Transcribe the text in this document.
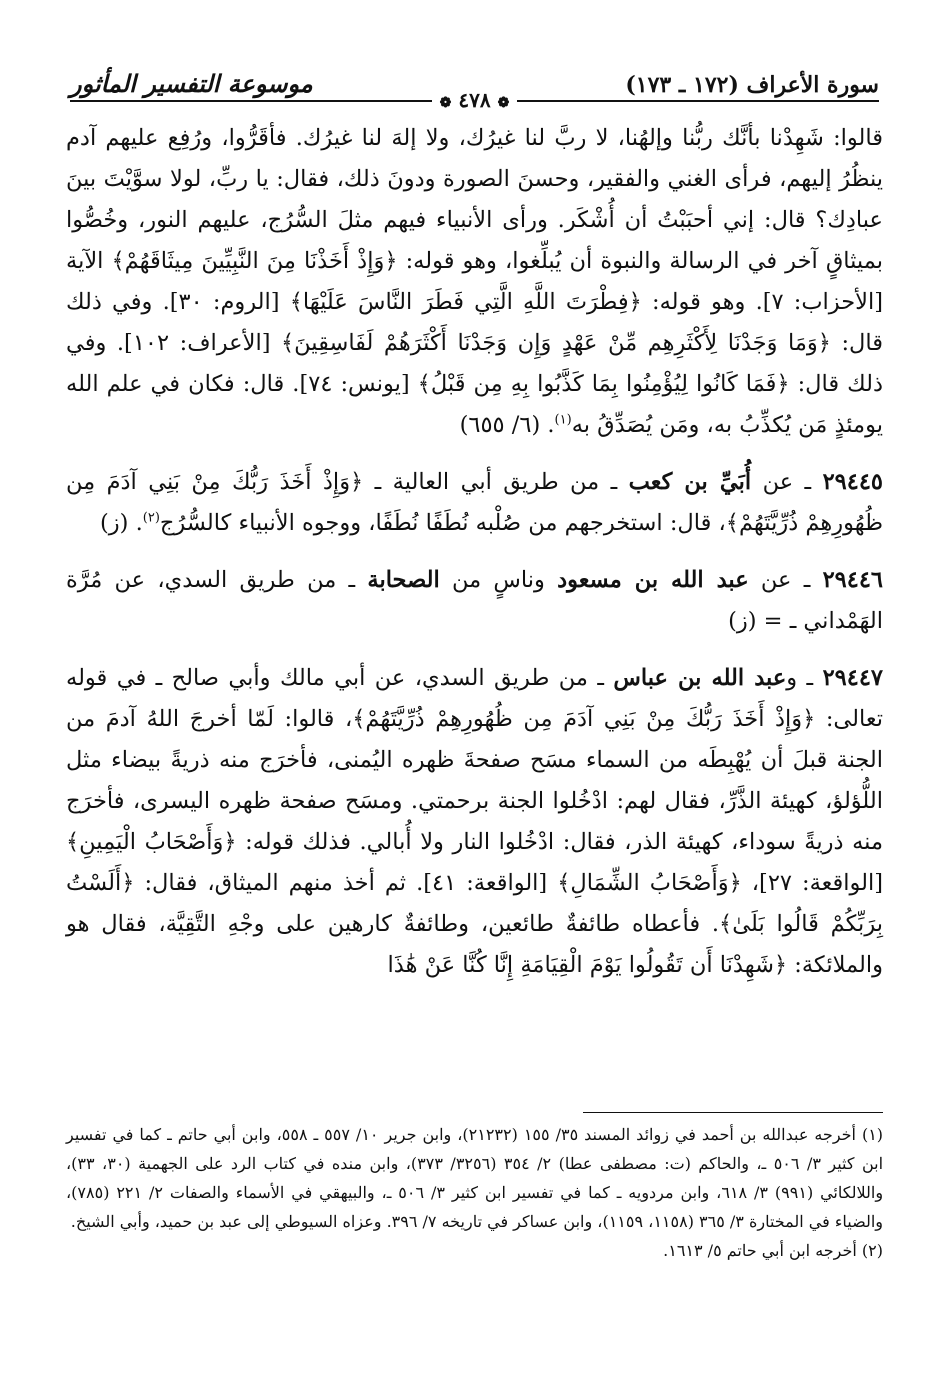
سورة الأعراف (١٧٢ ـ ١٧٣)
موسوعة التفسير المأثور
❁ ٤٧٨ ❁

قالوا: شَهِدْنا بأنَّك ربُّنا وإلهُنا، لا ربَّ لنا غيرُك، ولا إلهَ لنا غيرُك. فأقَرُّوا، ورُفِع عليهم آدم ينظُرُ إليهم، فرأى الغني والفقير، وحسنَ الصورة ودونَ ذلك، فقال: يا ربِّ، لولا سوَّيْتَ بينَ عبادِك؟ قال: إني أحبَبْتُ أن أُشْكَر. ورأى الأنبياء فيهم مثلَ السُّرُج، عليهم النور، وخُصُّوا بميثاقٍ آخر في الرسالة والنبوة أن يُبلِّغوا، وهو قوله: ﴿وَإِذْ أَخَذْنَا مِنَ النَّبِيِّينَ مِيثَاقَهُمْ﴾ الآية [الأحزاب: ٧]. وهو قوله: ﴿فِطْرَتَ اللَّهِ الَّتِي فَطَرَ النَّاسَ عَلَيْهَا﴾ [الروم: ٣٠]. وفي ذلك قال: ﴿وَمَا وَجَدْنَا لِأَكْثَرِهِم مِّنْ عَهْدٍ وَإِن وَجَدْنَا أَكْثَرَهُمْ لَفَاسِقِينَ﴾ [الأعراف: ١٠٢]. وفي ذلك قال: ﴿فَمَا كَانُوا لِيُؤْمِنُوا بِمَا كَذَّبُوا بِهِ مِن قَبْلُ﴾ [يونس: ٧٤]. قال: فكان في علم الله يومئذٍ مَن يُكذِّبُ به، ومَن يُصَدِّقُ به$^{(١)}$. (٦/ ٦٥٥)

٢٩٤٤٥ ـ عن أُبَيِّ بن كعب ـ من طريق أبي العالية ـ ﴿وَإِذْ أَخَذَ رَبُّكَ مِنْ بَنِي آدَمَ مِن ظُهُورِهِمْ ذُرِّيَّتَهُمْ﴾، قال: استخرجهم من صُلْبه نُطَفًا نُطَفًا، ووجوه الأنبياء كالسُّرُج$^{(٢)}$. (ز)

٢٩٤٤٦ ـ عن عبد الله بن مسعود وناسٍ من الصحابة ـ من طريق السدي، عن مُرَّة الهَمْداني ـ = (ز)

٢٩٤٤٧ ـ وعبد الله بن عباس ـ من طريق السدي، عن أبي مالك وأبي صالح ـ في قوله تعالى: ﴿وَإِذْ أَخَذَ رَبُّكَ مِنْ بَنِي آدَمَ مِن ظُهُورِهِمْ ذُرِّيَّتَهُمْ﴾، قالوا: لَمّا أخرجَ اللهُ آدمَ من الجنة قبلَ أن يُهْبِطَه من السماء مسَح صفحةَ ظهره اليُمنى، فأخرَج منه ذريةً بيضاء مثل اللُّؤلؤ، كهيئة الذَّرِّ، فقال لهم: ادْخُلوا الجنة برحمتي. ومسَح صفحة ظهره اليسرى، فأخرَج منه ذريةً سوداء، كهيئة الذر، فقال: ادْخُلوا النار ولا أُبالي. فذلك قوله: ﴿وَأَصْحَابُ الْيَمِينِ﴾ [الواقعة: ٢٧]، ﴿وَأَصْحَابُ الشِّمَالِ﴾ [الواقعة: ٤١]. ثم أخذ منهم الميثاق، فقال: ﴿أَلَسْتُ بِرَبِّكُمْ قَالُوا بَلَىٰ﴾. فأعطاه طائفةٌ طائعين، وطائفةٌ كارهين على وجْهِ التَّقِيَّة، فقال هو والملائكة: ﴿شَهِدْنَا أَن تَقُولُوا يَوْمَ الْقِيَامَةِ إِنَّا كُنَّا عَنْ هَٰذَا

(١) أخرجه عبدالله بن أحمد في زوائد المسند ٣٥/ ١٥٥ (٢١٢٣٢)، وابن جرير ١٠/ ٥٥٧ ـ ٥٥٨، وابن أبي حاتم ـ كما في تفسير ابن كثير ٣/ ٥٠٦ ـ، والحاكم (ت: مصطفى عطا) ٢/ ٣٥٤ (٣٢٥٦/ ٣٧٣)، وابن منده في كتاب الرد على الجهمية (٣٠، ٣٣)، واللالكائي (٩٩١) ٣/ ٦١٨، وابن مردويه ـ كما في تفسير ابن كثير ٣/ ٥٠٦ ـ، والبيهقي في الأسماء والصفات ٢/ ٢٢١ (٧٨٥)، والضياء في المختارة ٣/ ٣٦٥ (١١٥٨، ١١٥٩)، وابن عساكر في تاريخه ٧/ ٣٩٦. وعزاه السيوطي إلى عبد بن حميد، وأبي الشيخ.

(٢) أخرجه ابن أبي حاتم ٥/ ١٦١٣.
